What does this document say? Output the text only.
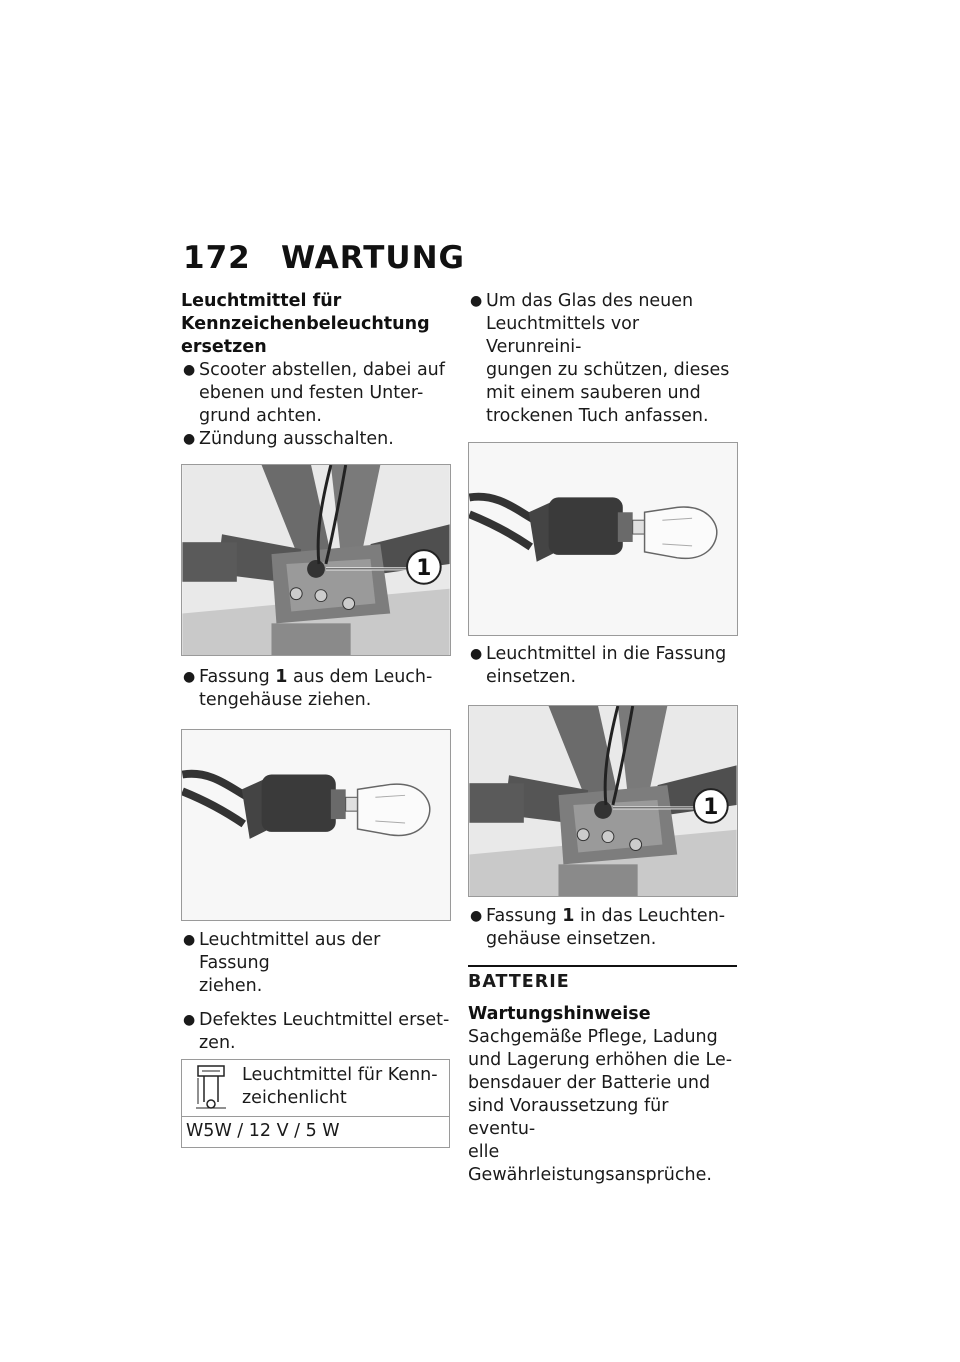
172 WARTUNG

Leuchtmittel für
Kennzeichenbeleuchtung
ersetzen

● Scooter abstellen, dabei auf
ebenen und festen Unter-
grund achten.

● Zündung ausschalten.

1

● Fassung 1 aus dem Leuch-
tengehäuse ziehen.

● Leuchtmittel aus der Fassung
ziehen.

● Defektes Leuchtmittel erset-
zen.

Leuchtmittel für Kenn-
zeichenlicht
W5W / 12 V / 5 W

● Um das Glas des neuen
Leuchtmittels vor Verunreini-
gungen zu schützen, dieses
mit einem sauberen und
trockenen Tuch anfassen.

● Leuchtmittel in die Fassung
einsetzen.

1

● Fassung 1 in das Leuchten-
gehäuse einsetzen.

BATTERIE

Wartungshinweise

Sachgemäße Pflege, Ladung
und Lagerung erhöhen die Le-
bensdauer der Batterie und
sind Voraussetzung für eventu-
elle Gewährleistungsansprüche.
